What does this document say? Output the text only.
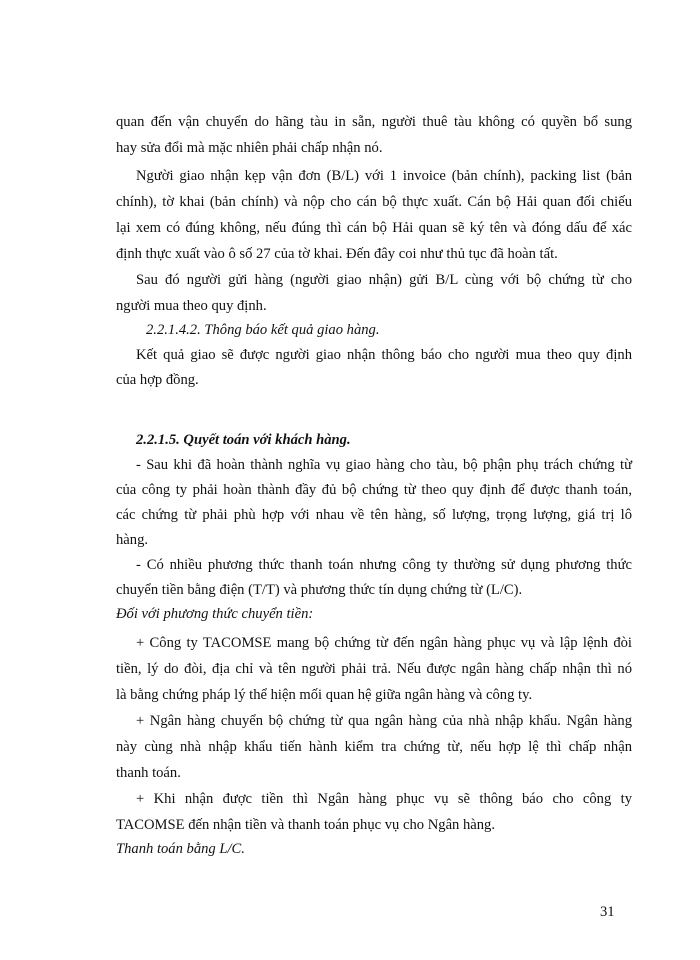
quan đến vận chuyển do hãng tàu in sẵn, người thuê tàu không có quyền bổ sung
hay sửa đổi mà mặc nhiên phải chấp nhận nó.
Người giao nhận kẹp vận đơn (B/L) với 1 invoice (bản chính), packing list (bản
chính), tờ khai (bản chính) và nộp cho cán bộ thực xuất. Cán bộ Hải quan đối chiếu
lại xem có đúng không, nếu đúng thì cán bộ Hải quan sẽ ký tên và đóng dấu để xác
định thực xuất vào ô số 27 của tờ khai. Đến đây coi như thủ tục đã hoàn tất.
Sau đó người gửi hàng (người giao nhận) gửi B/L cùng với bộ chứng từ cho
người mua theo quy định.
2.2.1.4.2. Thông báo kết quả giao hàng.
Kết quả giao sẽ được người giao nhận thông báo cho người mua theo quy định
của hợp đồng.
2.2.1.5. Quyết toán với khách hàng.
- Sau khi đã hoàn thành nghĩa vụ giao hàng cho tàu, bộ phận phụ trách chứng từ
của công ty phải hoàn thành đầy đủ bộ chứng từ theo quy định để được thanh toán,
các chứng từ phải phù hợp với nhau về tên hàng, số lượng, trọng lượng, giá trị lô
hàng.
- Có nhiều phương thức thanh toán nhưng công ty thường sử dụng phương thức
chuyển tiền bằng điện (T/T) và phương thức tín dụng chứng từ (L/C).
Đối với phương thức chuyển tiền:
+ Công ty TACOMSE mang bộ chứng từ đến ngân hàng phục vụ và lập lệnh đòi
tiền, lý do đòi, địa chỉ và tên người phải trả. Nếu được ngân hàng chấp nhận thì nó
là bằng chứng pháp lý thể hiện mối quan hệ giữa ngân hàng và công ty.
+ Ngân hàng chuyển bộ chứng từ qua ngân hàng của nhà nhập khẩu. Ngân hàng
này cùng nhà nhập khẩu tiến hành kiểm tra chứng từ, nếu hợp lệ thì chấp nhận
thanh toán.
+ Khi nhận được tiền thì Ngân hàng phục vụ sẽ thông báo cho công ty
TACOMSE đến nhận tiền và thanh toán phục vụ cho Ngân hàng.
Thanh toán bằng L/C.
31
